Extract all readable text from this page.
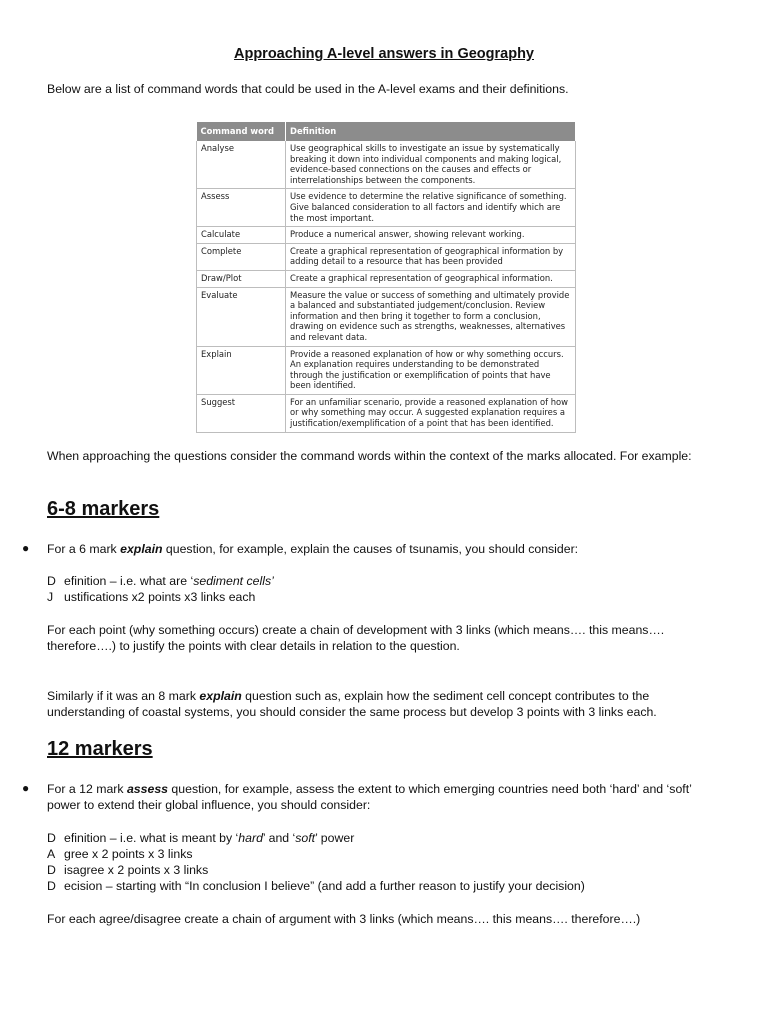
Approaching A-level answers in Geography
Below are a list of command words that could be used in the A-level exams and their definitions.
Command word	Definition
Analyse	Use geographical skills to investigate an issue by systematically breaking it down into individual components and making logical, evidence-based connections on the causes and effects or interrelationships between the components.
Assess	Use evidence to determine the relative significance of something. Give balanced consideration to all factors and identify which are the most important.
Calculate	Produce a numerical answer, showing relevant working.
Complete	Create a graphical representation of geographical information by adding detail to a resource that has been provided
Draw/Plot	Create a graphical representation of geographical information.
Evaluate	Measure the value or success of something and ultimately provide a balanced and substantiated judgement/conclusion. Review information and then bring it together to form a conclusion, drawing on evidence such as strengths, weaknesses, alternatives and relevant data.
Explain	Provide a reasoned explanation of how or why something occurs. An explanation requires understanding to be demonstrated through the justification or exemplification of points that have been identified.
Suggest	For an unfamiliar scenario, provide a reasoned explanation of how or why something may occur. A suggested explanation requires a justification/exemplification of a point that has been identified.
When approaching the questions consider the command words within the context of the marks allocated. For example:
6-8 markers
● For a 6 mark explain question, for example, explain the causes of tsunamis, you should consider:
D efinition – i.e. what are ‘sediment cells’
J ustifications x2 points x3 links each
For each point (why something occurs) create a chain of development with 3 links (which means…. this means…. therefore….) to justify the points with clear details in relation to the question.
Similarly if it was an 8 mark explain question such as, explain how the sediment cell concept contributes to the understanding of coastal systems, you should consider the same process but develop 3 points with 3 links each.
12 markers
● For a 12 mark assess question, for example, assess the extent to which emerging countries need both ‘hard’ and ‘soft’ power to extend their global influence, you should consider:
D efinition – i.e. what is meant by ‘hard’ and ‘soft’ power
A gree x 2 points x 3 links
D isagree x 2 points x 3 links
D ecision – starting with “In conclusion I believe” (and add a further reason to justify your decision)
For each agree/disagree create a chain of argument with 3 links (which means…. this means…. therefore….)
